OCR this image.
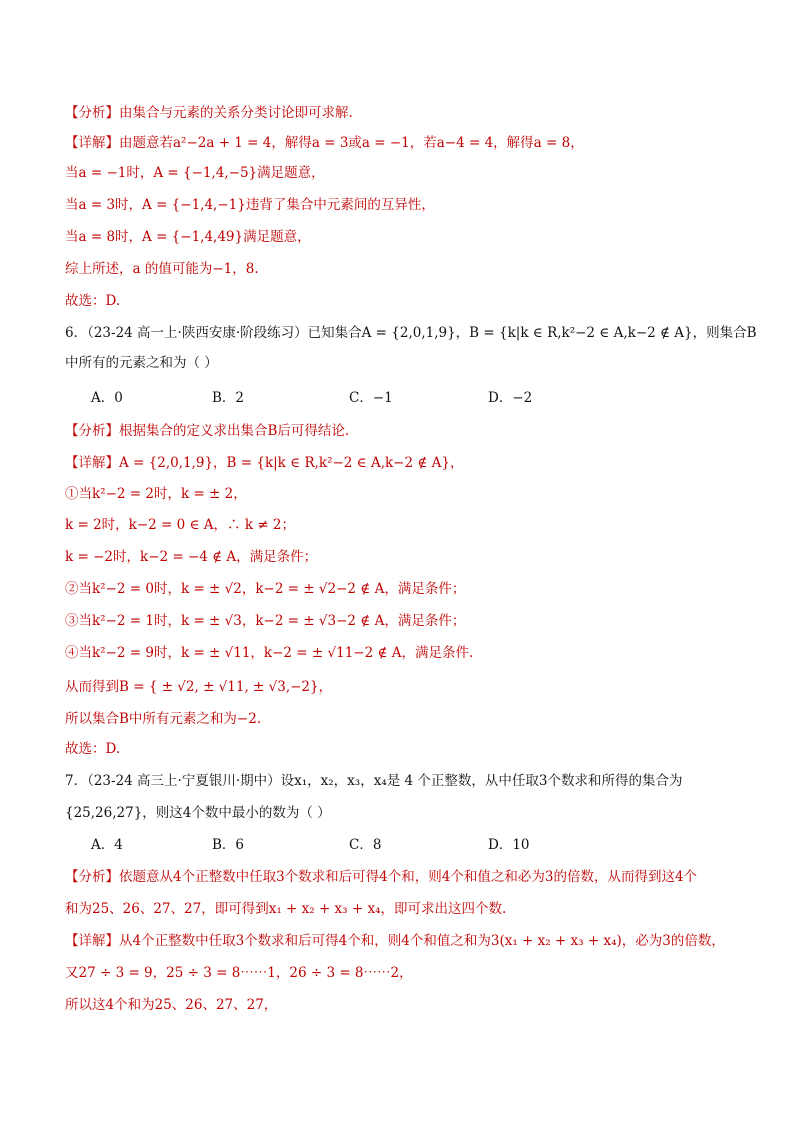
【分析】由集合与元素的关系分类讨论即可求解.
【详解】由题意若a²−2a + 1 = 4，解得a = 3或a = −1，若a−4 = 4，解得a = 8，
当a = −1时，A = {−1,4,−5}满足题意，
当a = 3时，A = {−1,4,−1}违背了集合中元素间的互异性，
当a = 8时，A = {−1,4,49}满足题意，
综上所述，a 的值可能为−1，8.
故选：D.
6．（23-24 高一上·陕西安康·阶段练习）已知集合A = {2,0,1,9}，B = {k|k ∈ R,k²−2 ∈ A,k−2 ∉ A}，则集合B
中所有的元素之和为（ ）
A．0	B．2	C．−1	D．−2
【分析】根据集合的定义求出集合B后可得结论.
【详解】A = {2,0,1,9}，B = {k|k ∈ R,k²−2 ∈ A,k−2 ∉ A}，
①当k²−2 = 2时，k = ± 2，
k = 2时，k−2 = 0 ∈ A，∴ k ≠ 2；
k = −2时，k−2 = −4 ∉ A，满足条件；
②当k²−2 = 0时，k = ± √2，k−2 = ± √2−2 ∉ A，满足条件；
③当k²−2 = 1时，k = ± √3，k−2 = ± √3−2 ∉ A，满足条件；
④当k²−2 = 9时，k = ± √11，k−2 = ± √11−2 ∉ A，满足条件.
从而得到B = { ± √2, ± √11, ± √3,−2}，
所以集合B中所有元素之和为−2.
故选：D.
7．（23-24 高三上·宁夏银川·期中）设x₁，x₂，x₃，x₄是 4 个正整数，从中任取3个数求和所得的集合为
{25,26,27}，则这4个数中最小的数为（ ）
A．4	B．6	C．8	D．10
【分析】依题意从4个正整数中任取3个数求和后可得4个和，则4个和值之和必为3的倍数，从而得到这4个
和为25、26、27、27，即可得到x₁ + x₂ + x₃ + x₄，即可求出这四个数.
【详解】从4个正整数中任取3个数求和后可得4个和，则4个和值之和为3(x₁ + x₂ + x₃ + x₄)，必为3的倍数，
又27 ÷ 3 = 9，25 ÷ 3 = 8⋯⋯1，26 ÷ 3 = 8⋯⋯2，
所以这4个和为25、26、27、27，
